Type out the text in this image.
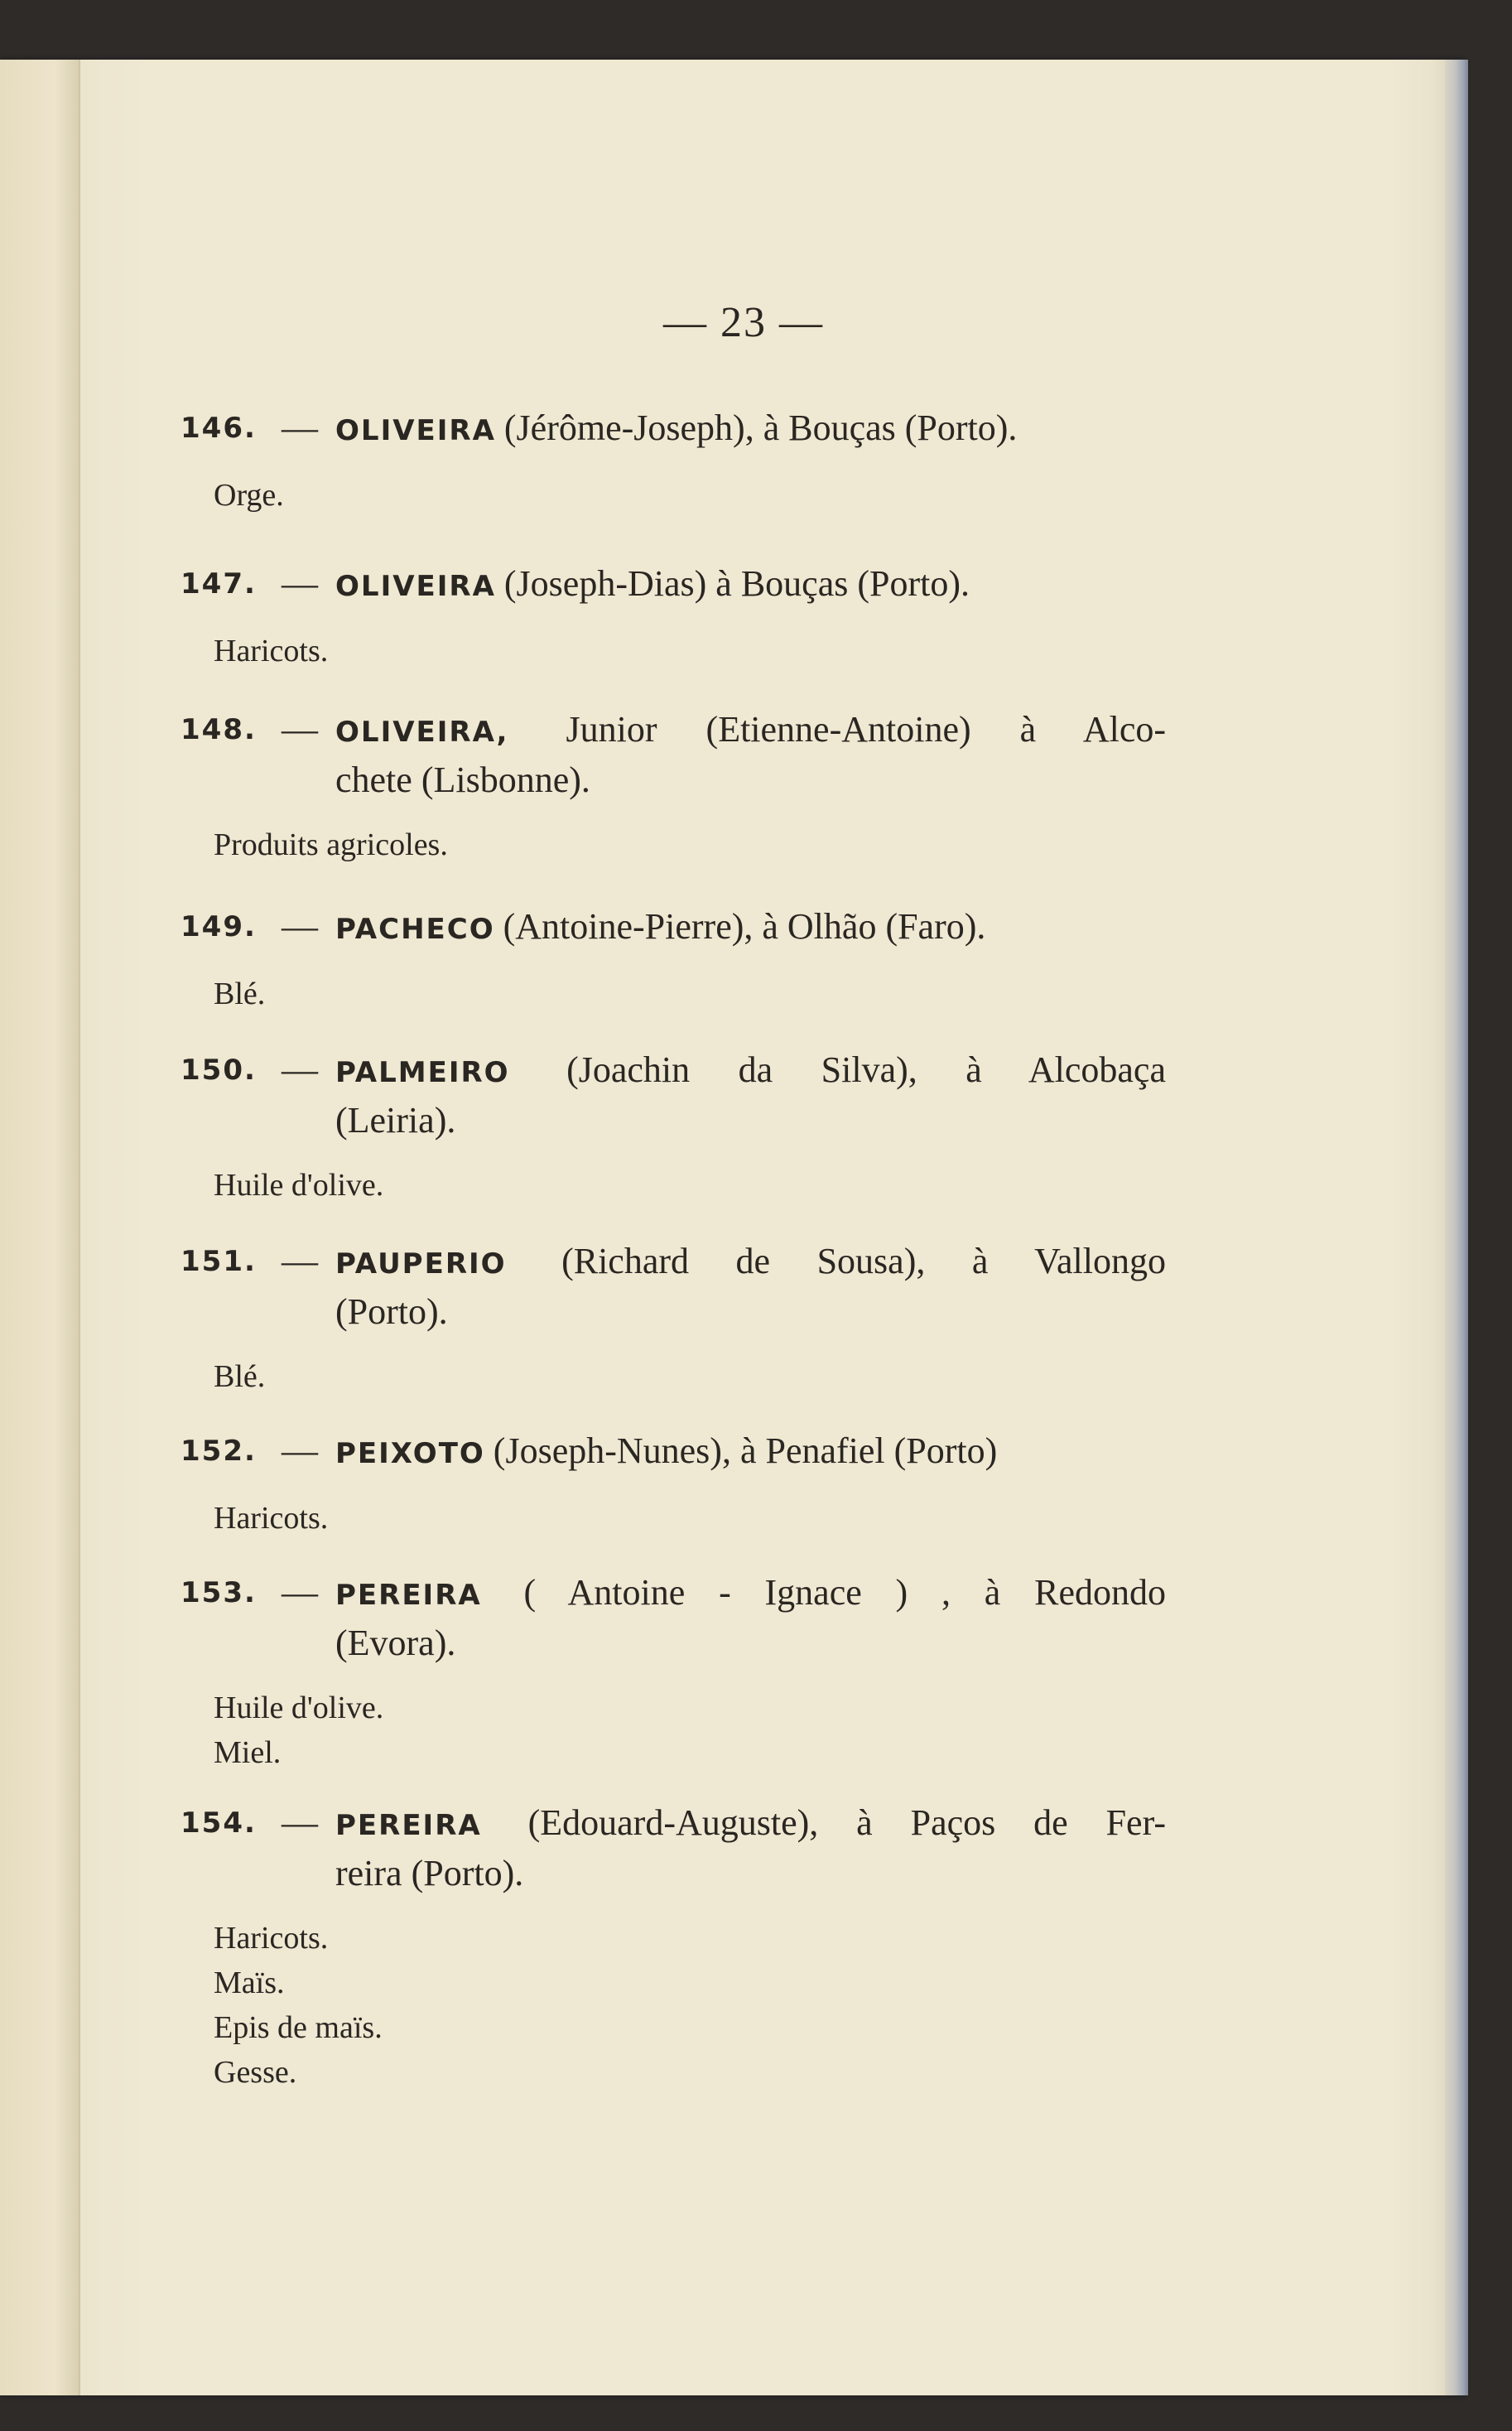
— 23 —
146. — OLIVEIRA (Jérôme-Joseph), à Bouças (Porto).
Orge.
147. — OLIVEIRA (Joseph-Dias) à Bouças (Porto).
Haricots.
148. — OLIVEIRA, Junior (Etienne-Antoine) à Alco-
chete (Lisbonne).
Produits agricoles.
149. — PACHECO (Antoine-Pierre), à Olhão (Faro).
Blé.
150. — PALMEIRO (Joachin da Silva), à Alcobaça
(Leiria).
Huile d'olive.
151. — PAUPERIO (Richard de Sousa), à Vallongo
(Porto).
Blé.
152. — PEIXOTO (Joseph-Nunes), à Penafiel (Porto)
Haricots.
153. — PEREIRA ( Antoine - Ignace ) , à Redondo
(Evora).
Huile d'olive.
Miel.
154. — PEREIRA (Edouard-Auguste), à Paços de Fer-
reira (Porto).
Haricots.
Maïs.
Epis de maïs.
Gesse.
